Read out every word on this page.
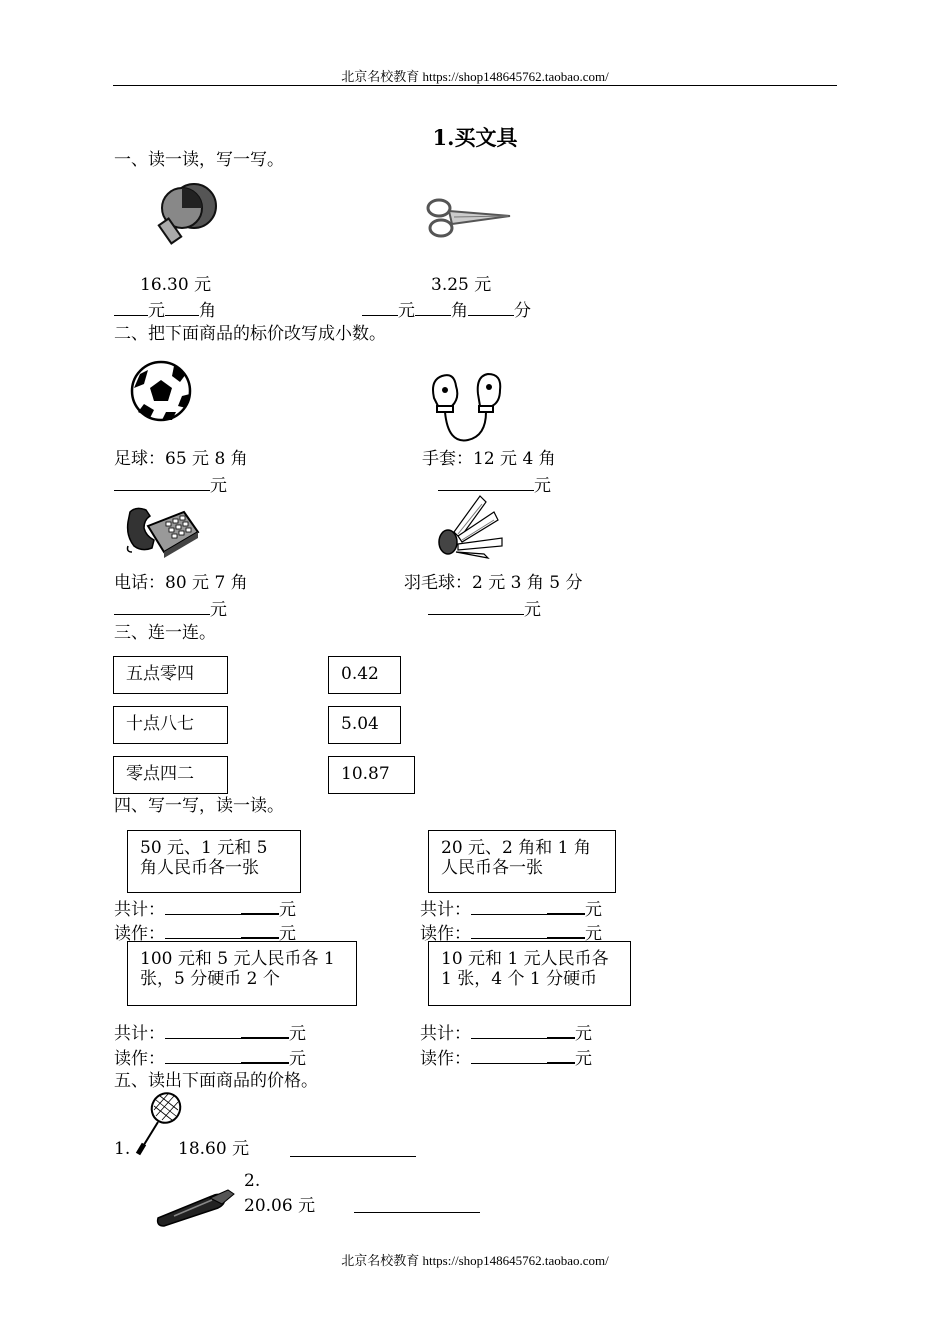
北京名校教育 https://shop148645762.taobao.com/
1.买文具
一、读一读，写一写。
16.30 元	3.25 元
元 角	元 角	分
二、把下面商品的标价改写成小数。
足球：65 元 8 角	手套：12 元 4 角
元	元
电话：80 元 7 角	羽毛球：2 元 3 角 5 分
元	元
三、连一连。
五点零四
十点八七
零点四二
0.42
5.04
10.87
四、写一写，读一读。
50 元、1 元和 5 角人民币各一张
20 元、2 角和 1 角人民币各一张
共计：	元	共计：	元
读作：	元	读作：	元
100 元和 5 元人民币各 1 张，5 分硬币 2 个
10 元和 1 元人民币各 1 张，4 个 1 分硬币
共计：	元	共计：	元
读作：	元	读作：	元
五、读出下面商品的价格。
1.	18.60 元
2.
20.06 元
北京名校教育 https://shop148645762.taobao.com/
